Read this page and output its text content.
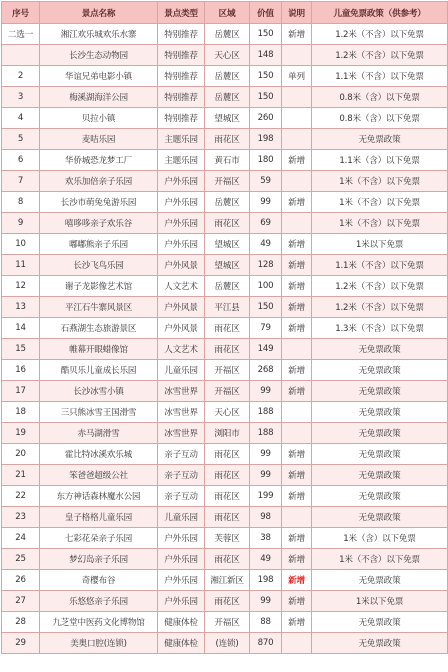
序号	景点名称	景点类型	区域	价值	说明	儿童免票政策（供参考）
二选一	湘江欢乐城欢乐水寨	特别推荐	岳麓区	150	新增	1.2米（不含）以下免票
	长沙生态动物园	特别推荐	天心区	148		1.2米（不含）以下免票
2	华谊兄弟电影小镇	特别推荐	岳麓区	150	单列	1.1米（不含）以下免票
3	梅溪湖海洋公园	特别推荐	岳麓区	150		0.8米（含）以下免票
4	贝拉小镇	特别推荐	望城区	260		0.8米（含）以下免票
5	麦咭乐园	主题乐园	雨花区	198		无免票政策
6	华侨城恐龙梦工厂	主题乐园	黄石市	180	新增	1.1米（含）以下免票
7	欢乐加倍亲子乐园	户外乐园	开福区	59		1米（不含）以下免票
8	长沙市萌兔兔游乐园	户外乐园	岳麓区	99	新增	1米（不含）以下免票
9	嘻哆哆亲子欢乐谷	户外乐园	雨花区	69		1米（不含）以下免票
10	嘟嘟熊亲子乐园	户外乐园	望城区	49	新增	1米以下免票
11	长沙飞鸟乐园	户外风景	望城区	128	新增	1.1米（不含）以下免票
12	谢子龙影像艺术馆	人文艺术	岳麓区	100	新增	1.2米（不含）以下免票
13	平江石牛寨风景区	户外风景	平江县	150	新增	1.2米（不含）以下免票
14	石燕湖生态旅游景区	户外风景	雨花区	79	新增	1.3米（不含）以下免票
15	帷幕开眼蜡像馆	人文艺术	雨花区	149		无免票政策
16	酷贝乐儿童成长乐园	儿童乐园	开福区	268	新增	无免票政策
17	长沙冰雪小镇	冰雪世界	开福区	99	新增	无免票政策
18	三只熊冰雪王国滑雪	冰雪世界	天心区	188		无免票政策
19	赤马湖滑雪	冰雪世界	浏阳市	188		无免票政策
20	霍比特冰溪欢乐城	亲子互动	雨花区	99	新增	无免票政策
21	笨爸爸超级公社	亲子互动	雨花区	99	新增	无免票政策
22	东方神话森林魔水公园	亲子互动	雨花区	199	新增	无免票政策
23	皇子格格儿童乐园	儿童乐园	雨花区	98		无免票政策
24	七彩花朵亲子乐园	户外乐园	芙蓉区	38	新增	1米（含）以下免票
25	梦幻岛亲子乐园	户外乐园	雨花区	49	新增	1米（不含）以下免票
26	奇樱布谷	户外乐园	湘江新区	198	新增	无免票政策
27	乐悠悠亲子乐园	户外乐园	雨花区	99	新增	1米以下免票
28	九芝堂中医药文化博物馆	健康体检	开福区	88	新增	无免票政策
29	美奥口腔(连锁)	健康体检	(连锁)	870		无免票政策
